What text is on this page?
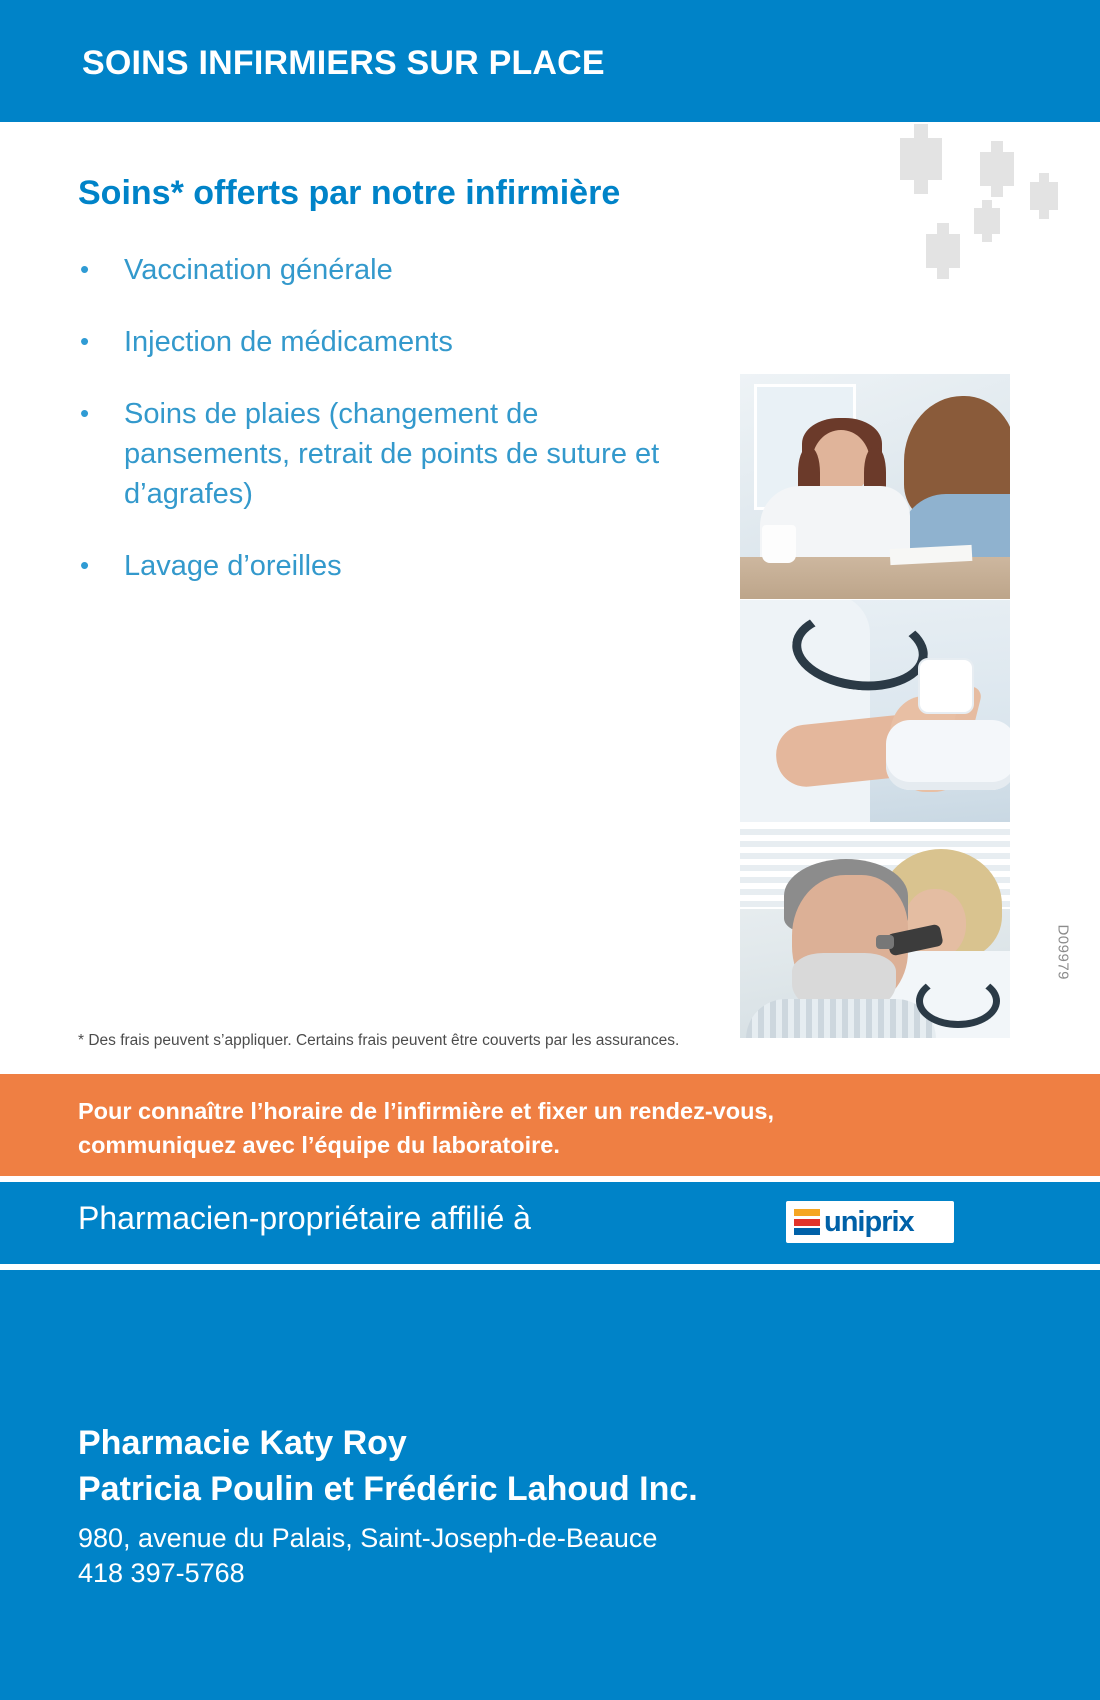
SOINS INFIRMIERS SUR PLACE
Soins* offerts par notre infirmière
•	Vaccination générale
•	Injection de médicaments
•	Soins de plaies (changement de pansements, retrait de points de suture et d’agrafes)
•	Lavage d’oreilles
* Des frais peuvent s’appliquer. Certains frais peuvent être couverts par les assurances.
D09979
Pour connaître l’horaire de l’infirmière et fixer un rendez-vous,
communiquez avec l’équipe du laboratoire.
Pharmacien-propriétaire affilié à	uniprix
Pharmacie Katy Roy
Patricia Poulin et Frédéric Lahoud Inc.
980, avenue du Palais, Saint-Joseph-de-Beauce
418 397-5768
